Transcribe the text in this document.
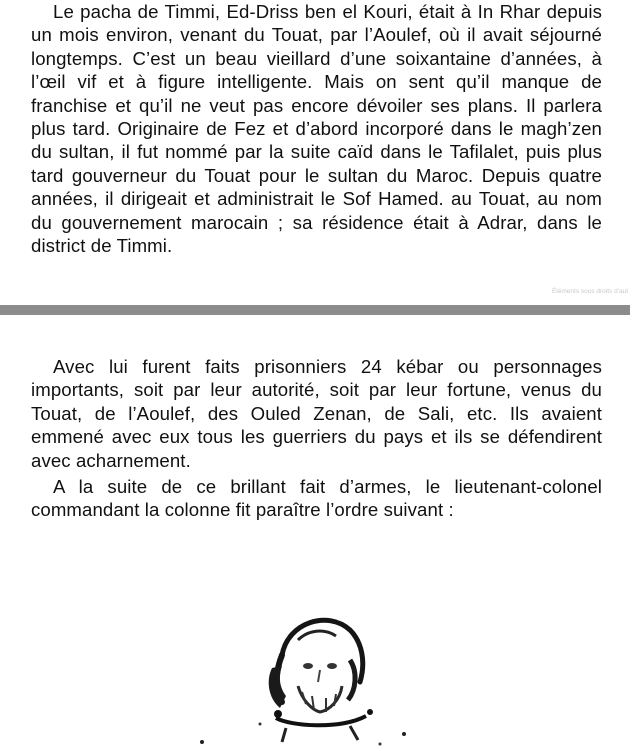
Le pacha de Timmi, Ed-Driss ben el Kouri, était à In Rhar depuis un mois environ, venant du Touat, par l’Aoulef, où il avait séjourné longtemps. C’est un beau vieillard d’une soixantaine d’années, à l’œil vif et à figure intelligente. Mais on sent qu’il manque de franchise et qu’il ne veut pas encore dévoiler ses plans. Il parlera plus tard. Originaire de Fez et d’abord incorporé dans le magh’zen du sultan, il fut nommé par la suite caïd dans le Tafilalet, puis plus tard gouverneur du Touat pour le sultan du Maroc. Depuis quatre années, il dirigeait et administrait le Sof Hamed. au Touat, au nom du gouvernement marocain ; sa résidence était à Adrar, dans le district de Timmi.

Éléments sous droits d'aut

Avec lui furent faits prisonniers 24 kébar ou personnages importants, soit par leur autorité, soit par leur fortune, venus du Touat, de l’Aoulef, des Ouled Zenan, de Sali, etc. Ils avaient emmené avec eux tous les guerriers du pays et ils se défendirent avec acharnement.

A la suite de ce brillant fait d’armes, le lieutenant-colonel commandant la colonne fit paraître l’ordre suivant :
